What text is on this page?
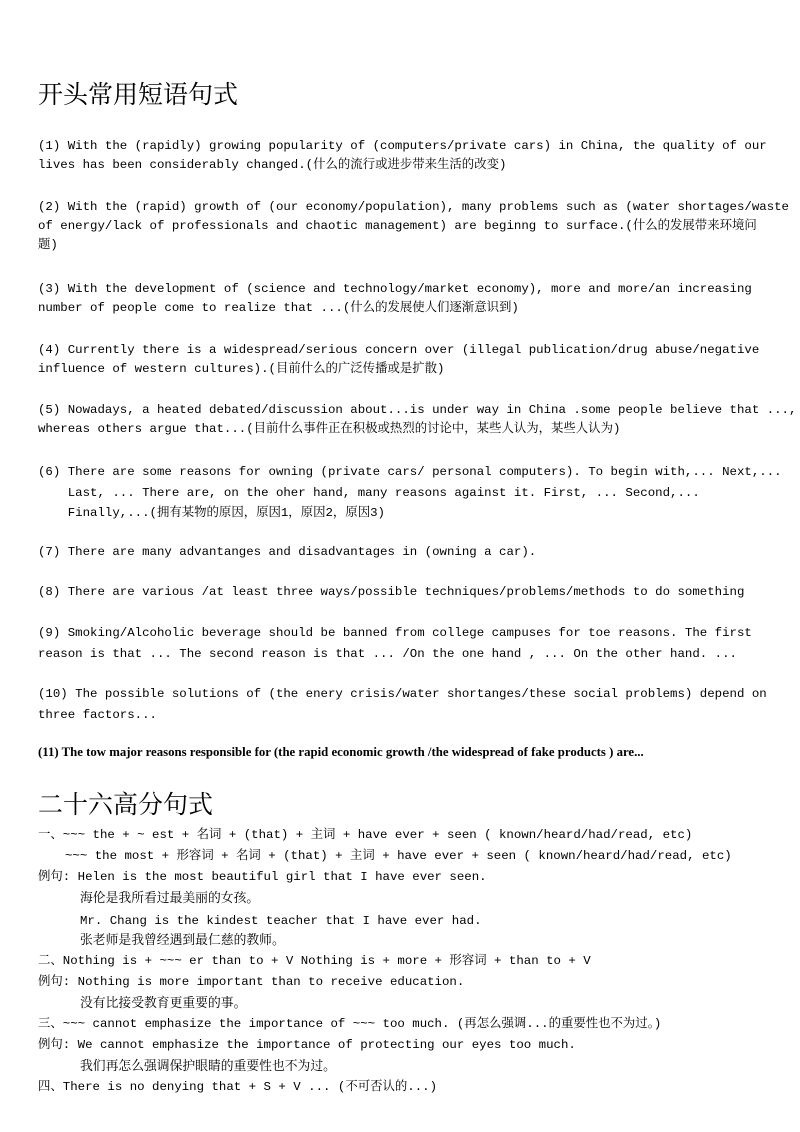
开头常用短语句式
(1) With the (rapidly) growing popularity of (computers/private cars) in China, the quality of our
lives has been considerably changed.(什么的流行或进步带来生活的改变)
(2) With the (rapid) growth of (our economy/population), many problems such as (water shortages/waste
of energy/lack of professionals and chaotic management) are beginng to surface.(什么的发展带来环境问
题)
(3) With the development of (science and technology/market economy), more and more/an increasing
number of people come to realize that ...(什么的发展使人们逐渐意识到)
(4) Currently there is a widespread/serious concern over (illegal publication/drug abuse/negative
influence of western cultures).(目前什么的广泛传播或是扩散)
(5) Nowadays, a heated debated/discussion about...is under way in China .some people believe that ...,
whereas others argue that...(目前什么事件正在积极或热烈的讨论中，某些人认为，某些人认为)
(6) There are some reasons for owning (private cars/ personal computers). To begin with,... Next,...
Last, ... There are, on the oher hand, many reasons against it. First, ... Second,...
Finally,...(拥有某物的原因，原因1，原因2，原因3)
(7) There are many advantanges and disadvantages in (owning a car).
(8) There are various /at least three ways/possible techniques/problems/methods to do something
(9) Smoking/Alcoholic beverage should be banned from college campuses for toe reasons. The first
reason is that ... The second reason is that ... /On the one hand , ... On the other hand. ...
(10) The possible solutions of (the enery crisis/water shortanges/these social problems) depend on
three factors...
(11) The tow major reasons responsible for (the rapid economic growth /the widespread of fake products ) are...
二十六高分句式
一、~~~ the + ~ est + 名词 + (that) + 主词 + have ever + seen ( known/heard/had/read, etc)
~~~ the most + 形容词 + 名词 + (that) + 主词 + have ever + seen ( known/heard/had/read, etc)
例句: Helen is the most beautiful girl that I have ever seen.
海伦是我所看过最美丽的女孩。
Mr. Chang is the kindest teacher that I have ever had.
张老师是我曾经遇到最仁慈的教师。
二、Nothing is + ~~~ er than to + V Nothing is + more + 形容词 + than to + V
例句: Nothing is more important than to receive education.
没有比接受教育更重要的事。
三、~~~ cannot emphasize the importance of ~~~ too much. (再怎么强调...的重要性也不为过。)
例句: We cannot emphasize the importance of protecting our eyes too much.
我们再怎么强调保护眼睛的重要性也不为过。
四、There is no denying that + S + V ... (不可否认的...)
